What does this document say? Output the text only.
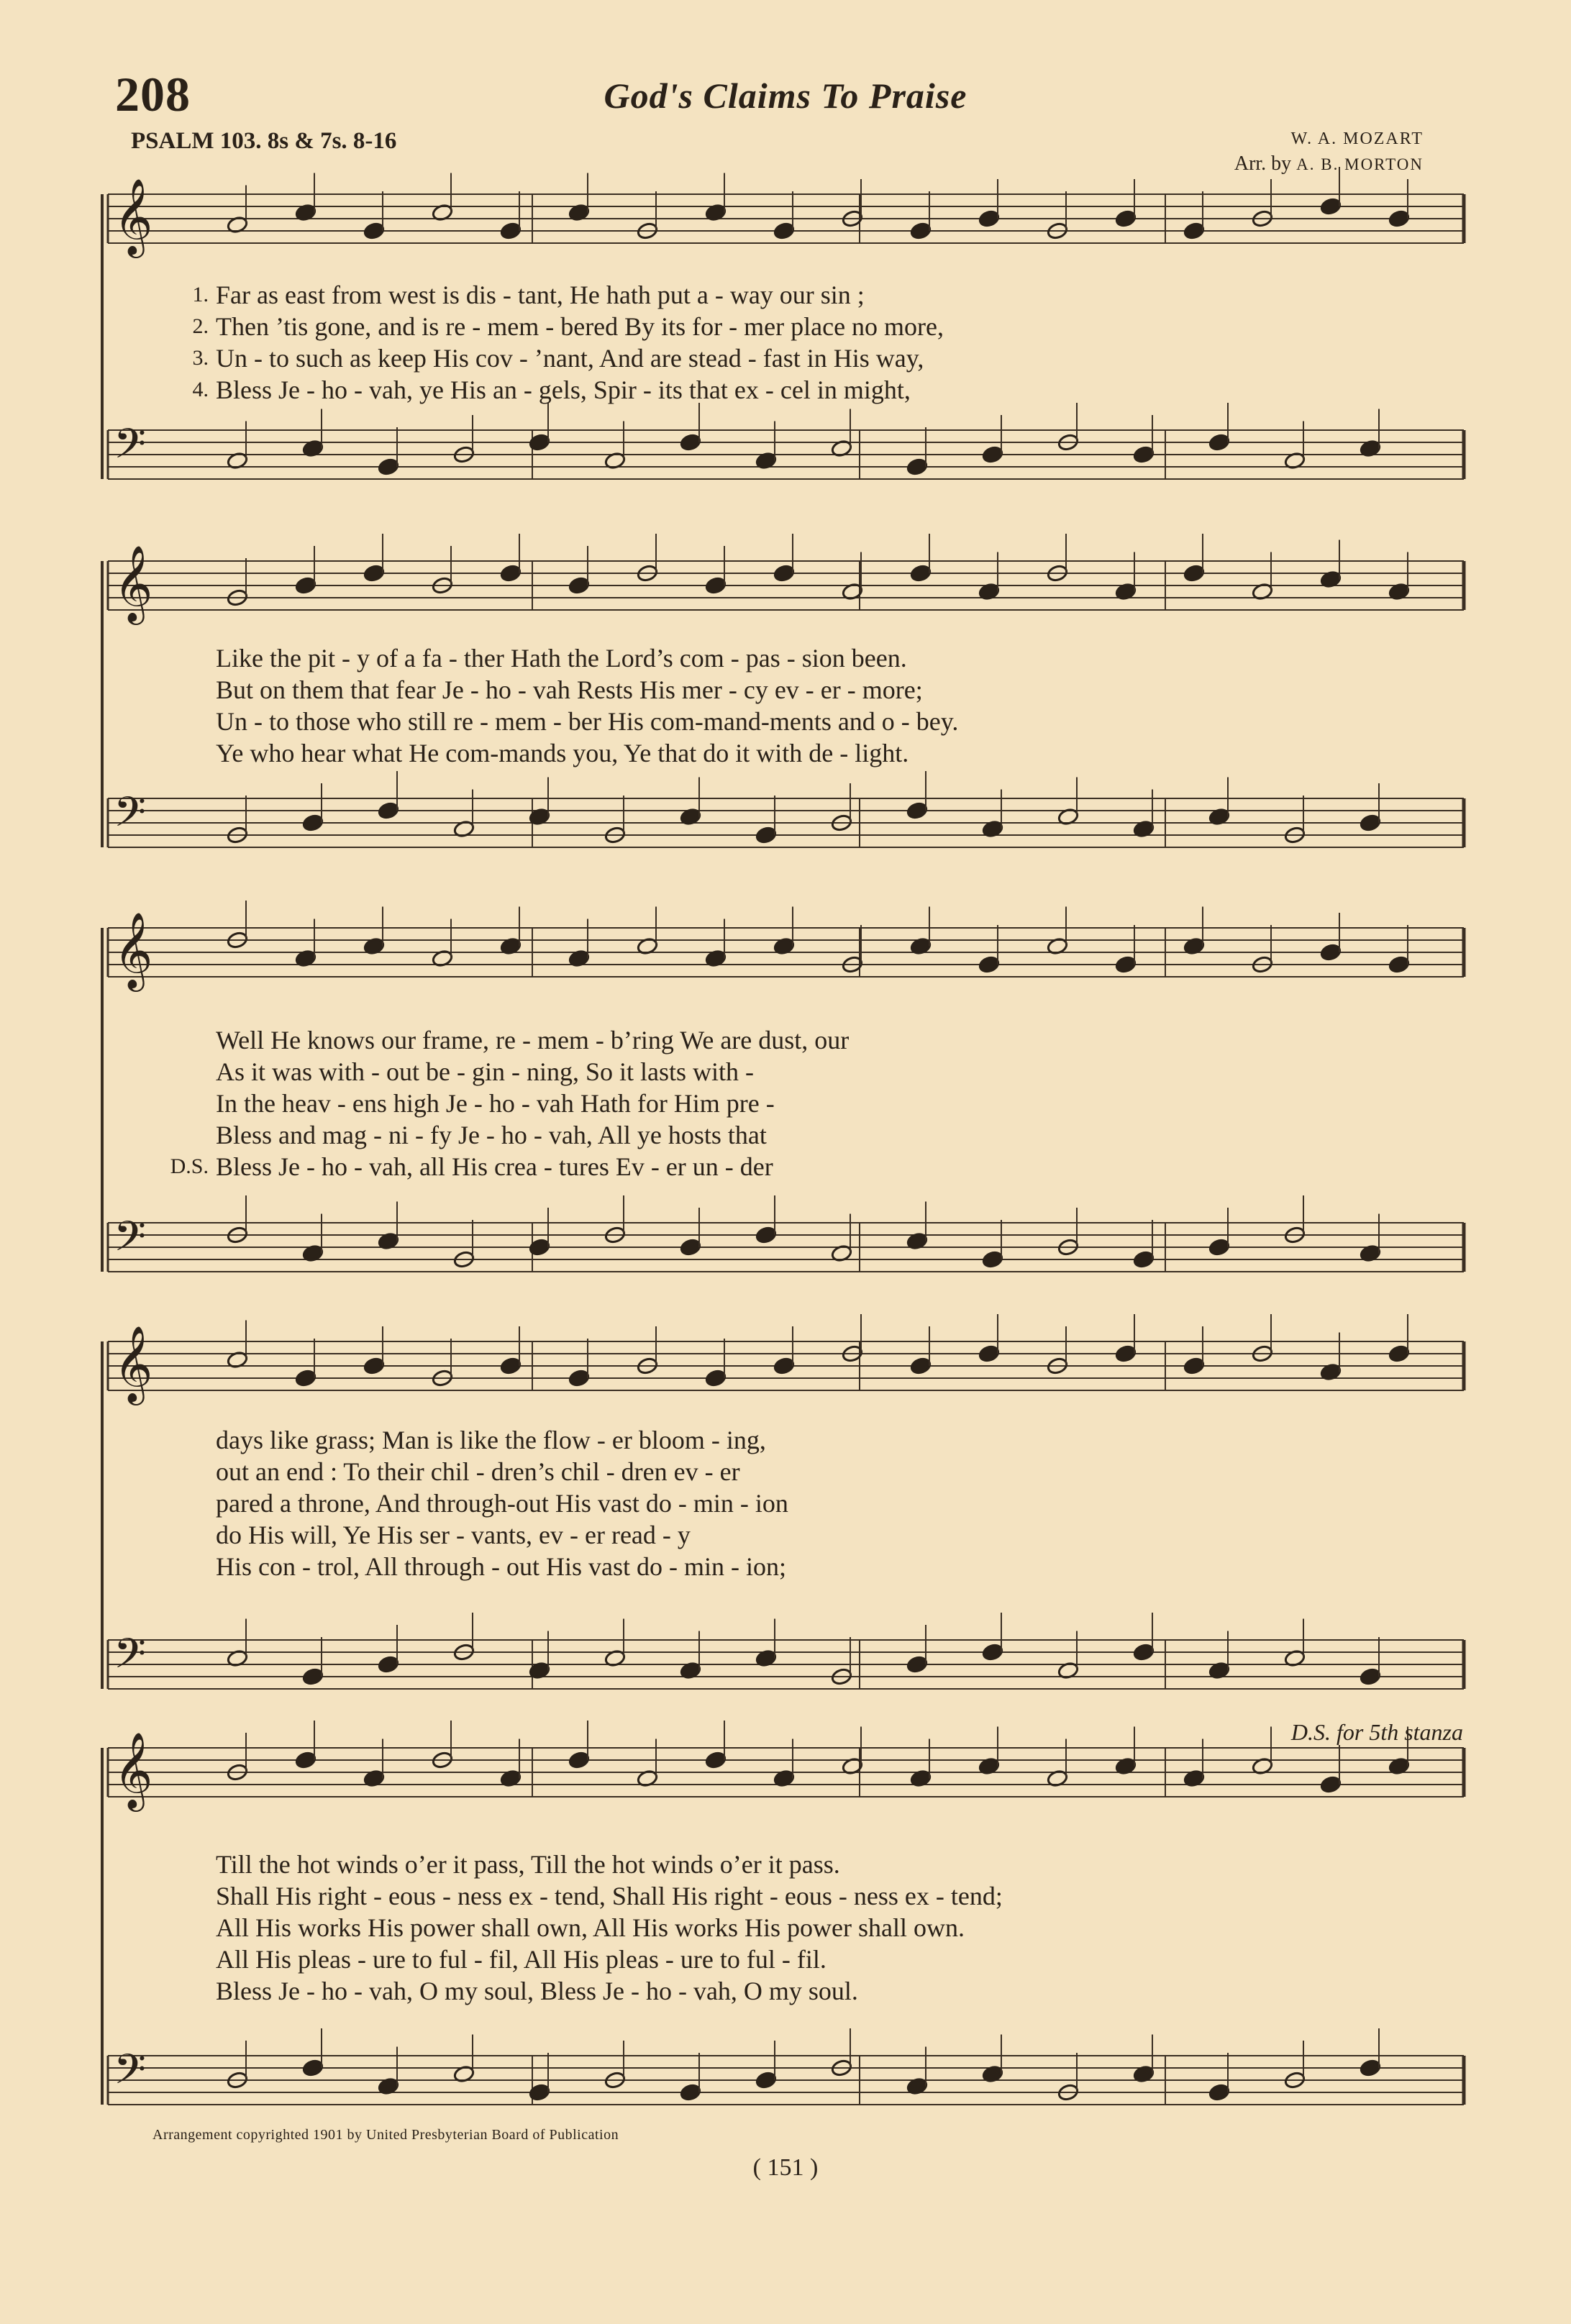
208	God's Claims To Praise
PSALM 103. 8s & 7s. 8-16	W. A. MOZART
Arr. by A. B. MORTON
𝄞
𝄞
𝄞
𝄞
𝄞
𝄢
𝄢
𝄢
𝄢
𝄢
1. Far as east from west is dis - tant, He hath put a - way our sin ;
2. Then ’tis gone, and is re - mem - bered By its for - mer place no more,
3. Un - to such as keep His cov - ’nant, And are stead - fast in His way,
4. Bless Je - ho - vah, ye His an - gels, Spir - its that ex - cel in might,
Like the pit - y of a fa - ther Hath the Lord’s com - pas - sion been.
But on them that fear Je - ho - vah Rests His mer - cy ev - er - more;
Un - to those who still re - mem - ber His com-mand-ments and o - bey.
Ye who hear what He com-mands you, Ye that do it with de - light.
Well He knows our frame, re - mem - b’ring We are dust, our
As it was with - out be - gin - ning, So it lasts with -
In the heav - ens high Je - ho - vah Hath for Him pre -
Bless and mag - ni - fy Je - ho - vah, All ye hosts that
D.S. Bless Je - ho - vah, all His crea - tures Ev - er un - der
days like grass; Man is like the flow - er bloom - ing,
out an end : To their chil - dren’s chil - dren ev - er
pared a throne, And through-out His vast do - min - ion
do His will, Ye His ser - vants, ev - er read - y
His con - trol, All through - out His vast do - min - ion;
D.S. for 5th stanza
Till the hot winds o’er it pass, Till the hot winds o’er it pass.
Shall His right - eous - ness ex - tend, Shall His right - eous - ness ex - tend;
All His works His power shall own, All His works His power shall own.
All His pleas - ure to ful - fil, All His pleas - ure to ful - fil.
Bless Je - ho - vah, O my soul, Bless Je - ho - vah, O my soul.
Arrangement copyrighted 1901 by United Presbyterian Board of Publication
( 151 )
